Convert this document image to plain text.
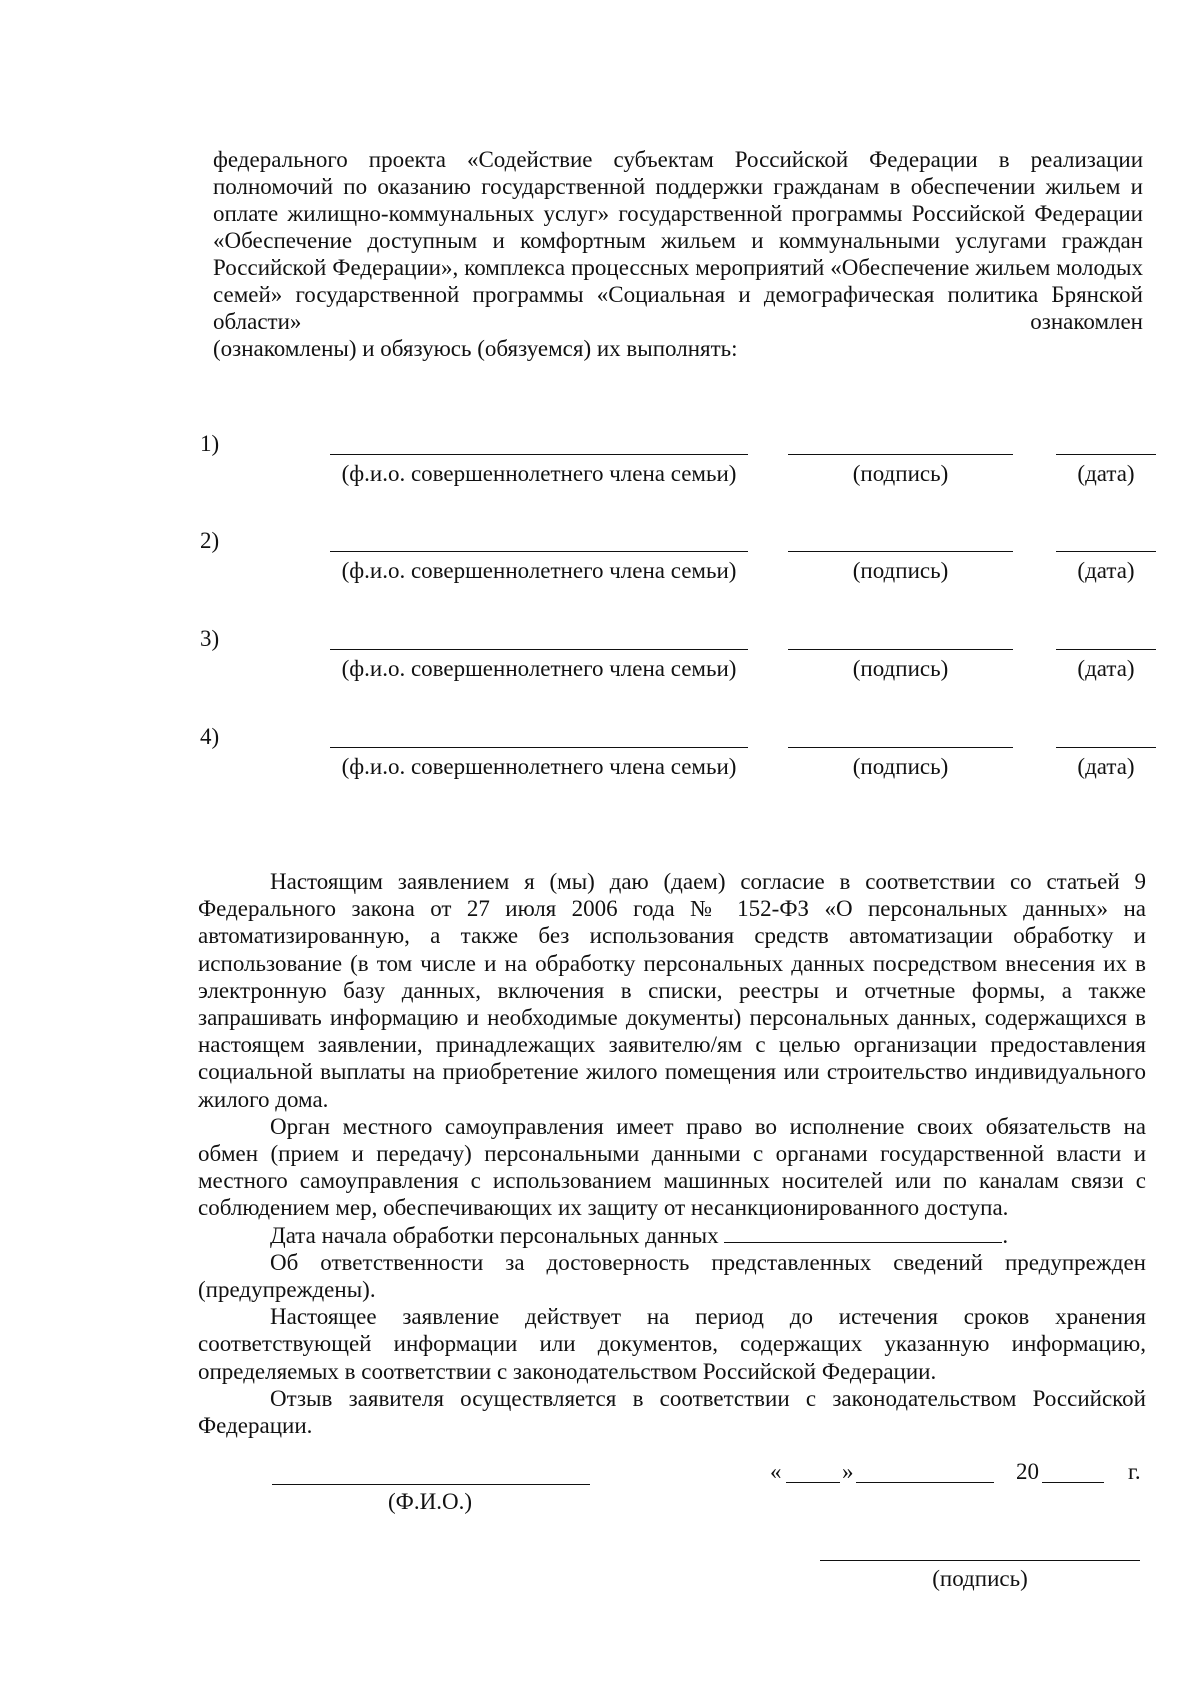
федерального проекта «Содействие субъектам Российской Федерации в реализации полномочий по оказанию государственной поддержки гражданам в обеспечении жильем и оплате жилищно-коммунальных услуг» государственной программы Российской Федерации «Обеспечение доступным и комфортным жильем и коммунальными услугами граждан Российской Федерации», комплекса процессных мероприятий «Обеспечение жильем молодых семей» государственной программы «Социальная и демографическая политика Брянской области» ознакомлен
(ознакомлены) и обязуюсь (обязуемся) их выполнять:

1)
(ф.и.о. совершеннолетнего члена семьи)	(подпись)	(дата)
2)
(ф.и.о. совершеннолетнего члена семьи)	(подпись)	(дата)
3)
(ф.и.о. совершеннолетнего члена семьи)	(подпись)	(дата)
4)
(ф.и.о. совершеннолетнего члена семьи)	(подпись)	(дата)

Настоящим заявлением я (мы) даю (даем) согласие в соответствии со статьей 9 Федерального закона от 27 июля 2006 года № 152-ФЗ «О персональных данных» на автоматизированную, а также без использования средств автоматизации обработку и использование (в том числе и на обработку персональных данных посредством внесения их в электронную базу данных, включения в списки, реестры и отчетные формы, а также запрашивать информацию и необходимые документы) персональных данных, содержащихся в настоящем заявлении, принадлежащих заявителю/ям с целью организации предоставления социальной выплаты на приобретение жилого помещения или строительство индивидуального жилого дома.

Орган местного самоуправления имеет право во исполнение своих обязательств на обмен (прием и передачу) персональными данными с органами государственной власти и местного самоуправления с использованием машинных носителей или по каналам связи с соблюдением мер, обеспечивающих их защиту от несанкционированного доступа.

Дата начала обработки персональных данных	.

Об ответственности за достоверность представленных сведений предупрежден (предупреждены).

Настоящее заявление действует на период до истечения сроков хранения соответствующей информации или документов, содержащих указанную информацию, определяемых в соответствии с законодательством Российской Федерации.

Отзыв заявителя осуществляется в соответствии с законодательством Российской Федерации.

(Ф.И.О.)
«	»	20	г.
(подпись)
